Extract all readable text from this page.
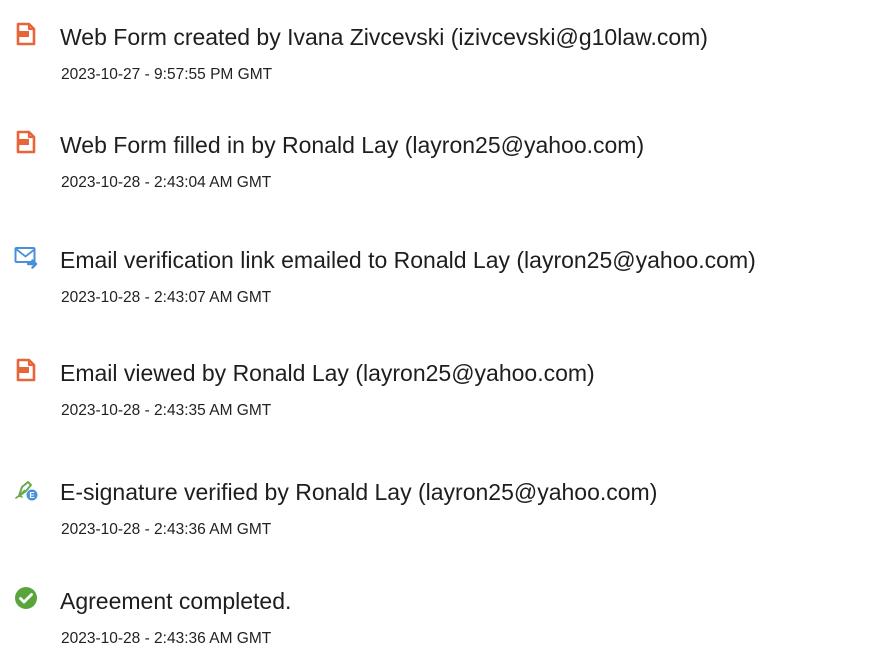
Web Form created by Ivana Zivcevski (izivcevski@g10law.com)
2023-10-27 - 9:57:55 PM GMT
Web Form filled in by Ronald Lay (layron25@yahoo.com)
2023-10-28 - 2:43:04 AM GMT
Email verification link emailed to Ronald Lay (layron25@yahoo.com)
2023-10-28 - 2:43:07 AM GMT
Email viewed by Ronald Lay (layron25@yahoo.com)
2023-10-28 - 2:43:35 AM GMT
E E-signature verified by Ronald Lay (layron25@yahoo.com)
2023-10-28 - 2:43:36 AM GMT
Agreement completed.
2023-10-28 - 2:43:36 AM GMT
